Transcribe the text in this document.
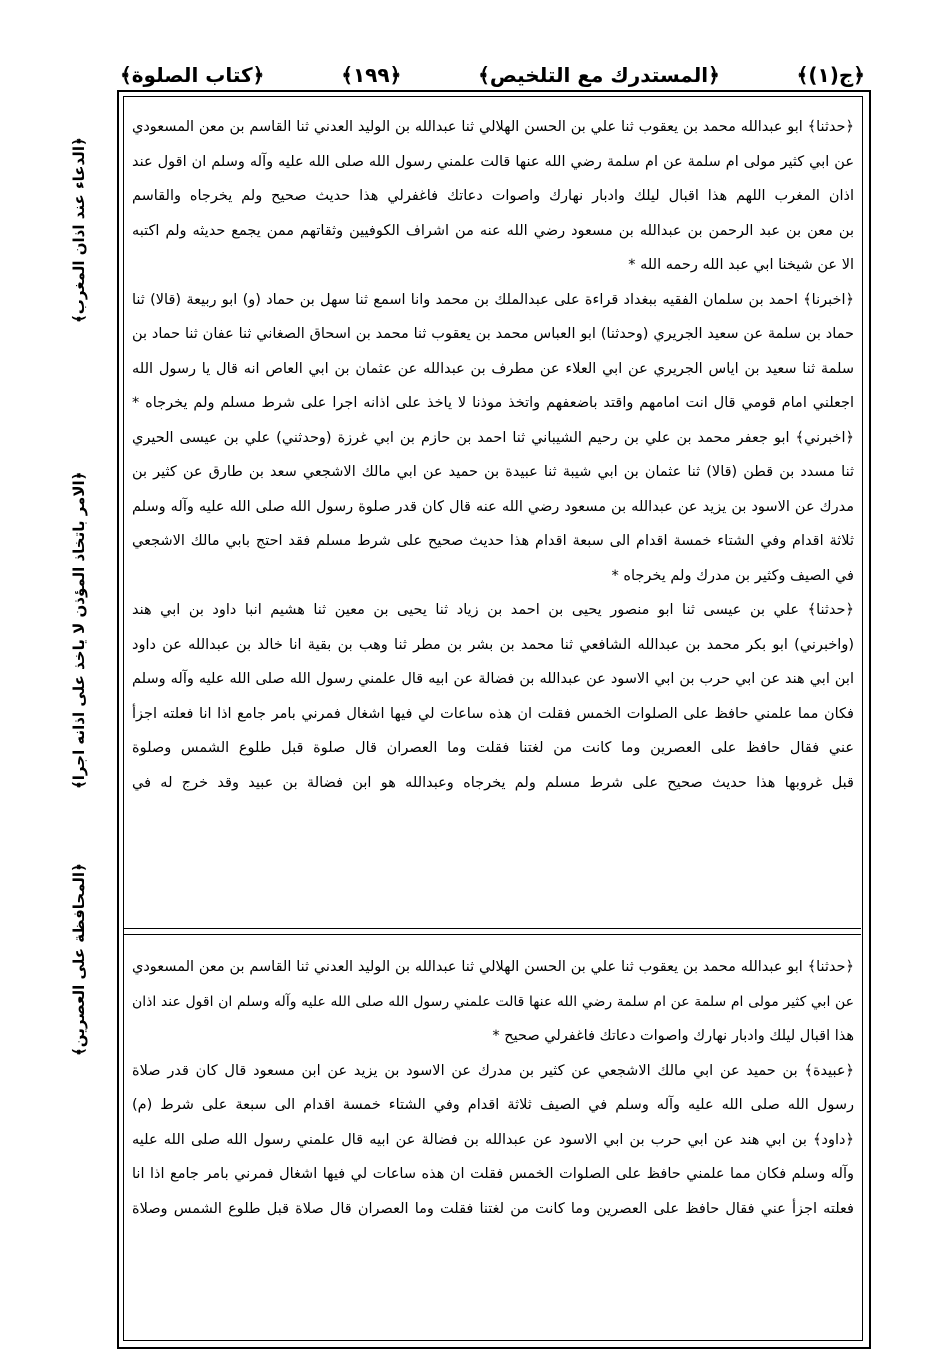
﴿ج(١)﴾
﴿المستدرك مع التلخيص﴾
﴿١٩٩﴾
﴿كتاب الصلوة﴾
﴿الدعاء عند اذان المغرب﴾
﴿الامر باتخاذ المؤذن لا ياخذ على اذانه اجرا﴾
﴿المحافظة على العصرين﴾
﴿حدثنا﴾ ابو عبدالله محمد بن يعقوب ثنا علي بن الحسن الهلالي ثنا عبدالله بن الوليد العدني ثنا القاسم بن معن المسعودي
عن ابي كثير مولى ام سلمة عن ام سلمة رضي الله عنها قالت علمني رسول الله صلى الله عليه وآله وسلم ان اقول عند
اذان المغرب اللهم هذا اقبال ليلك وادبار نهارك واصوات دعاتك فاغفرلي هذا حديث صحيح ولم يخرجاه والقاسم
بن معن بن عبد الرحمن بن عبدالله بن مسعود رضي الله عنه من اشراف الكوفيين وثقاتهم ممن يجمع حديثه ولم اكتبه
الا عن شيخنا ابي عبد الله رحمه الله *
﴿اخبرنا﴾ احمد بن سلمان الفقيه ببغداد قراءة على عبدالملك بن محمد وانا اسمع ثنا سهل بن حماد (و) ابو ربيعة (قالا) ثنا
حماد بن سلمة عن سعيد الجريري (وحدثنا) ابو العباس محمد بن يعقوب ثنا محمد بن اسحاق الصغاني ثنا عفان ثنا حماد بن
سلمة ثنا سعيد بن اياس الجريري عن ابي العلاء عن مطرف بن عبدالله عن عثمان بن ابي العاص انه قال يا رسول الله
اجعلني امام قومي قال انت امامهم واقتد باضعفهم واتخذ موذنا لا ياخذ على اذانه اجرا على شرط مسلم ولم يخرجاه *
﴿اخبرني﴾ ابو جعفر محمد بن علي بن رحيم الشيباني ثنا احمد بن حازم بن ابي غرزة (وحدثني) علي بن عيسى الحيري
ثنا مسدد بن قطن (قالا) ثنا عثمان بن ابي شيبة ثنا عبيدة بن حميد عن ابي مالك الاشجعي سعد بن طارق عن كثير بن
مدرك عن الاسود بن يزيد عن عبدالله بن مسعود رضي الله عنه قال كان قدر صلوة رسول الله صلى الله عليه وآله وسلم
ثلاثة اقدام وفي الشتاء خمسة اقدام الى سبعة اقدام هذا حديث صحيح على شرط مسلم فقد احتج بابي مالك الاشجعي
في الصيف وكثير بن مدرك ولم يخرجاه *
﴿حدثنا﴾ علي بن عيسى ثنا ابو منصور يحيى بن احمد بن زياد ثنا يحيى بن معين ثنا هشيم انبا داود بن ابي هند
(واخبرني) ابو بكر محمد بن عبدالله الشافعي ثنا محمد بن بشر بن مطر ثنا وهب بن بقية انا خالد بن عبدالله عن داود
ابن ابي هند عن ابي حرب بن ابي الاسود عن عبدالله بن فضالة عن ابيه قال علمني رسول الله صلى الله عليه وآله وسلم
فكان مما علمني حافظ على الصلوات الخمس فقلت ان هذه ساعات لي فيها اشغال فمرني بامر جامع اذا انا فعلته اجزأ
عني فقال حافظ على العصرين وما كانت من لغتنا فقلت وما العصران قال صلوة قبل طلوع الشمس وصلوة
قبل غروبها هذا حديث صحيح على شرط مسلم ولم يخرجاه وعبدالله هو ابن فضالة بن عبيد وقد خرج له في
﴿حدثنا﴾ ابو عبدالله محمد بن يعقوب ثنا علي بن الحسن الهلالي ثنا عبدالله بن الوليد العدني ثنا القاسم بن معن المسعودي
عن ابي كثير مولى ام سلمة عن ام سلمة رضي الله عنها قالت علمني رسول الله صلى الله عليه وآله وسلم ان اقول عند اذان
هذا اقبال ليلك وادبار نهارك واصوات دعاتك فاغفرلي صحيح *
﴿عبيدة﴾ بن حميد عن ابي مالك الاشجعي عن كثير بن مدرك عن الاسود بن يزيد عن ابن مسعود قال كان قدر صلاة
رسول الله صلى الله عليه وآله وسلم في الصيف ثلاثة اقدام وفي الشتاء خمسة اقدام الى سبعة على شرط (م)
﴿داود﴾ بن ابي هند عن ابي حرب بن ابي الاسود عن عبدالله بن فضالة عن ابيه قال علمني رسول الله صلى الله عليه
وآله وسلم فكان مما علمني حافظ على الصلوات الخمس فقلت ان هذه ساعات لي فيها اشغال فمرني بامر جامع اذا انا
فعلته اجزأ عني فقال حافظ على العصرين وما كانت من لغتنا فقلت وما العصران قال صلاة قبل طلوع الشمس وصلاة
